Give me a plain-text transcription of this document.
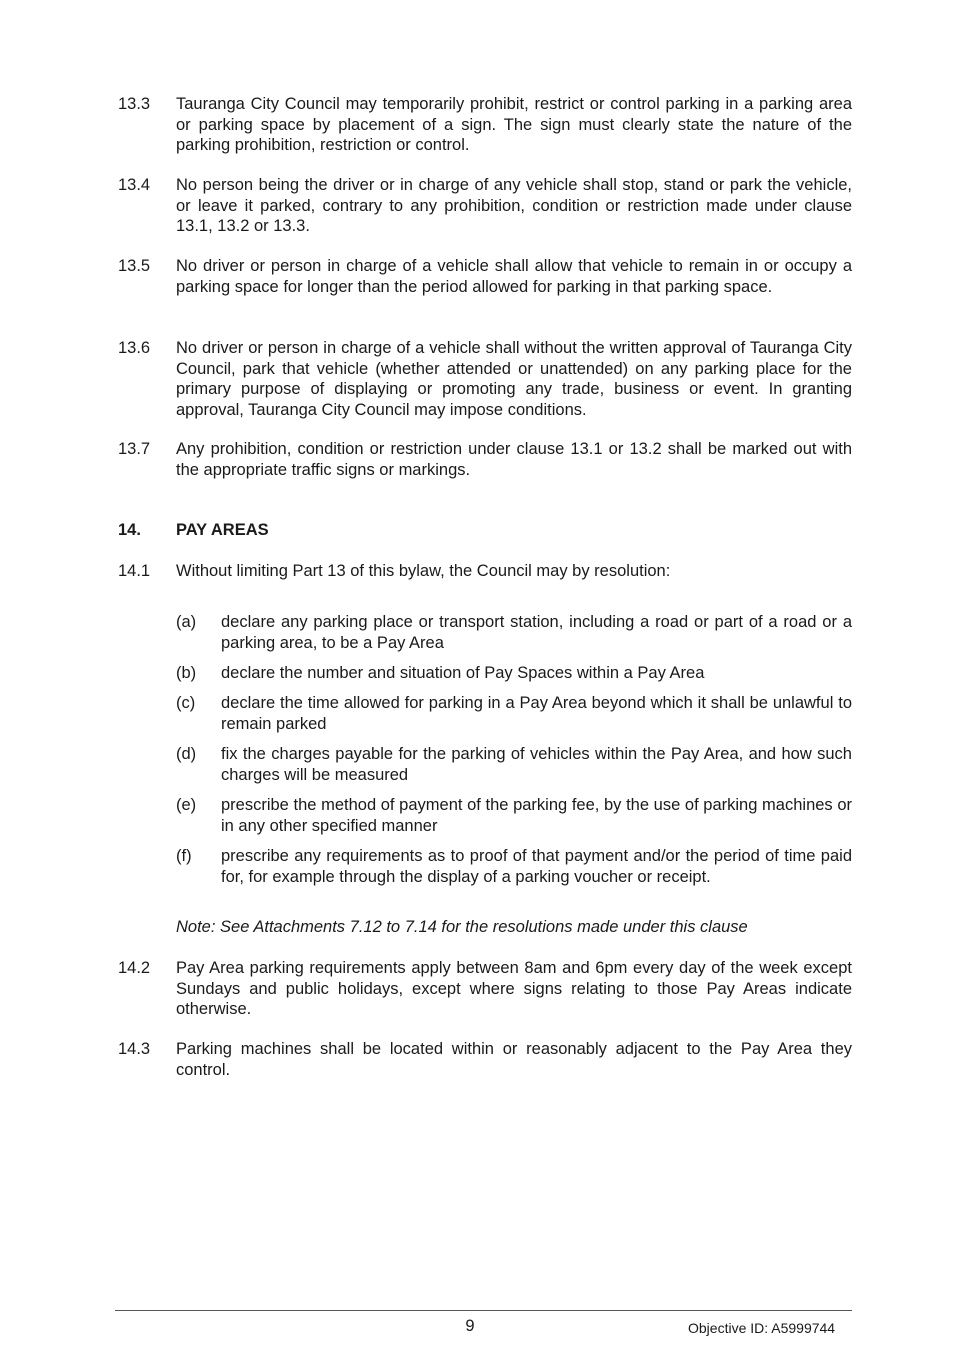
13.3	Tauranga City Council may temporarily prohibit, restrict or control parking in a parking area or parking space by placement of a sign. The sign must clearly state the nature of the parking prohibition, restriction or control.
13.4	No person being the driver or in charge of any vehicle shall stop, stand or park the vehicle, or leave it parked, contrary to any prohibition, condition or restriction made under clause 13.1, 13.2 or 13.3.
13.5	No driver or person in charge of a vehicle shall allow that vehicle to remain in or occupy a parking space for longer than the period allowed for parking in that parking space.
13.6	No driver or person in charge of a vehicle shall without the written approval of Tauranga City Council, park that vehicle (whether attended or unattended) on any parking place for the primary purpose of displaying or promoting any trade, business or event. In granting approval, Tauranga City Council may impose conditions.
13.7	Any prohibition, condition or restriction under clause 13.1 or 13.2 shall be marked out with the appropriate traffic signs or markings.
14. PAY AREAS
14.1	Without limiting Part 13 of this bylaw, the Council may by resolution:
(a)	declare any parking place or transport station, including a road or part of a road or a parking area, to be a Pay Area
(b)	declare the number and situation of Pay Spaces within a Pay Area
(c)	declare the time allowed for parking in a Pay Area beyond which it shall be unlawful to remain parked
(d)	fix the charges payable for the parking of vehicles within the Pay Area, and how such charges will be measured
(e)	prescribe the method of payment of the parking fee, by the use of parking machines or in any other specified manner
(f)	prescribe any requirements as to proof of that payment and/or the period of time paid for, for example through the display of a parking voucher or receipt.
Note: See Attachments 7.12 to 7.14 for the resolutions made under this clause
14.2	Pay Area parking requirements apply between 8am and 6pm every day of the week except Sundays and public holidays, except where signs relating to those Pay Areas indicate otherwise.
14.3	Parking machines shall be located within or reasonably adjacent to the Pay Area they control.
9	Objective ID: A5999744
